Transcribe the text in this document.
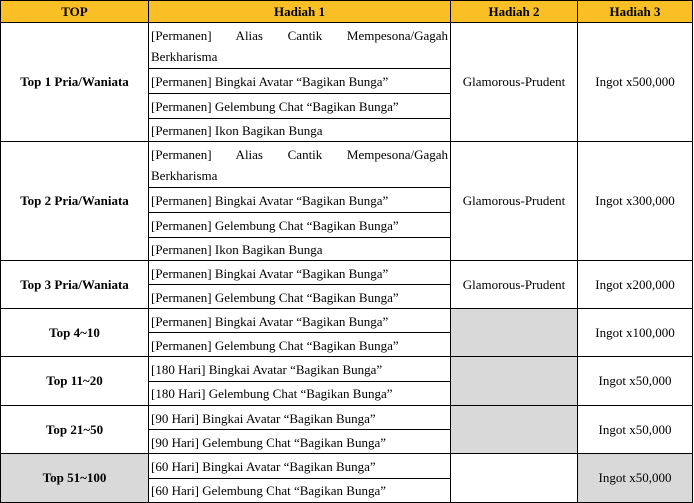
TOP	Hadiah 1	Hadiah 2	Hadiah 3
Top 1 Pria/Waniata	[Permanen] Alias Cantik Mempesona/Gagah Berkharisma
[Permanen] Bingkai Avatar “Bagikan Bunga”
[Permanen] Gelembung Chat “Bagikan Bunga”
[Permanen] Ikon Bagikan Bunga	Glamorous-Prudent	Ingot x500,000
Top 2 Pria/Waniata	[Permanen] Alias Cantik Mempesona/Gagah Berkharisma
[Permanen] Bingkai Avatar “Bagikan Bunga”
[Permanen] Gelembung Chat “Bagikan Bunga”
[Permanen] Ikon Bagikan Bunga	Glamorous-Prudent	Ingot x300,000
Top 3 Pria/Waniata	[Permanen] Bingkai Avatar “Bagikan Bunga”
[Permanen] Gelembung Chat “Bagikan Bunga”	Glamorous-Prudent	Ingot x200,000
Top 4~10	[Permanen] Bingkai Avatar “Bagikan Bunga”
[Permanen] Gelembung Chat “Bagikan Bunga”		Ingot x100,000
Top 11~20	[180 Hari] Bingkai Avatar “Bagikan Bunga”
[180 Hari] Gelembung Chat “Bagikan Bunga”		Ingot x50,000
Top 21~50	[90 Hari] Bingkai Avatar “Bagikan Bunga”
[90 Hari] Gelembung Chat “Bagikan Bunga”		Ingot x50,000
Top 51~100	[60 Hari] Bingkai Avatar “Bagikan Bunga”
[60 Hari] Gelembung Chat “Bagikan Bunga”		Ingot x50,000
